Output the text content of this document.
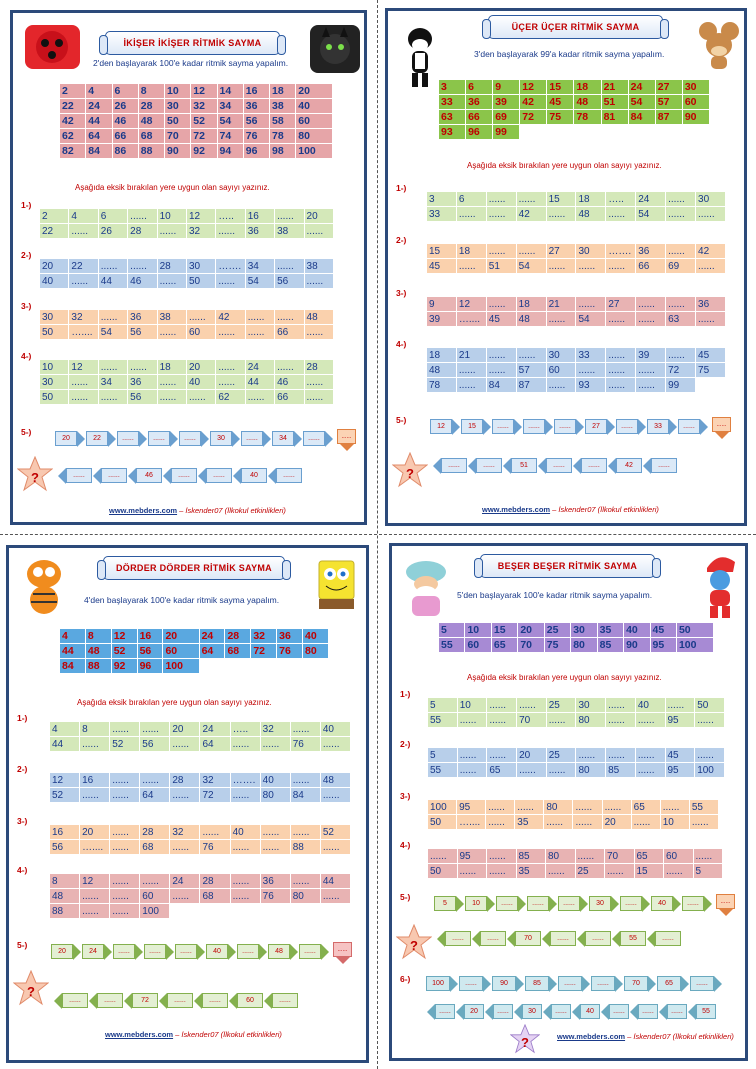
İKİŞER İKİŞER RİTMİK SAYMA
2'den başlayarak 100'e kadar ritmik sayma yapalım.
2	4	6	8	10	12	14	16	18	20
22	24	26	28	30	32	34	36	38	40
42	44	46	48	50	52	54	56	58	60
62	64	66	68	70	72	74	76	78	80
82	84	86	88	90	92	94	96	98	100
Aşağıda eksik bırakılan yere uygun olan sayıyı yazınız.
1-)
2	4	6	......	10	12	…..	16	......	20
22	......	26	28	......	32	......	36	38	......
2-)
20	22	......	......	28	30	…….	34	......	38
40	......	44	46	......	50	......	54	56	......
3-)
30	32	......	36	38	......	42	......	......	48
50	…....	54	56	......	60	......	......	66	......
4-)
10	12	......	......	18	20	......	24	......	28
30	......	34	36	......	40	......	44	46	......
50	......	......	56	......	......	62	......	66	......
5-)
20	22	......	......	......	30	......	34	......	......
......	......	46	......	......	40	......
?
www.mebders.com – İskender07 (İlkokul etkinlikleri)
ÜÇER ÜÇER RİTMİK SAYMA
3'den başlayarak 99'a kadar ritmik sayma yapalım.
3	6	9	12	15	18	21	24	27	30
33	36	39	42	45	48	51	54	57	60
63	66	69	72	75	78	81	84	87	90
93	96	99							
Aşağıda eksik bırakılan yere uygun olan sayıyı yazınız.
1-)
3	6	......	......	15	18	…..	24	......	30
33	......	......	42	......	48	......	54	......	......
2-)
15	18	......	......	27	30	…….	36	......	42
45	......	51	54	......	......	......	66	69	......
3-)
9	12	......	18	21	......	27	......	......	36
39	…....	45	48	......	54	......	......	63	......
4-)
18	21	......	......	30	33	......	39	......	45
48	......	......	57	60	......	......	......	72	75
78	......	84	87	......	93	......	......	99	
5-)
12	15	......	......	......	27	......	33	......	......
......	......	51	......	......	42	......
?
www.mebders.com – İskender07 (İlkokul etkinlikleri)
DÖRDER DÖRDER RİTMİK SAYMA
4'den başlayarak 100'e kadar ritmik sayma yapalım.
4	8	12	16	20	24	28	32	36	40
44	48	52	56	60	64	68	72	76	80
84	88	92	96	100					
Aşağıda eksik bırakılan yere uygun olan sayıyı yazınız.
1-)
4	8	......	......	20	24	…..	32	......	40
44	......	52	56	......	64	......	......	76	......
2-)
12	16	......	......	28	32	…….	40	......	48
52	......	......	64	......	72	......	80	84	......
3-)
16	20	......	28	32	......	40	......	......	52
56	…....	......	68	......	76	......	......	88	......
4-)
8	12	......	......	24	28	......	36	......	44
48	......	......	60	......	68	......	76	80	......
88	......	......	100						
5-)
20	24	......	......	......	40	......	48	......	......
......	......	72	......	......	60	......
?
www.mebders.com – İskender07 (İlkokul etkinlikleri)
BEŞER BEŞER RİTMİK SAYMA
5'den başlayarak 100'e kadar ritmik sayma yapalım.
5	10	15	20	25	30	35	40	45	50
55	60	65	70	75	80	85	90	95	100
Aşağıda eksik bırakılan yere uygun olan sayıyı yazınız.
1-)
5	10	......	......	25	30	......	40	......	50
55	......	......	70	......	80	......	......	95	......
2-)
5	......	......	20	25	......	......	......	45	......
55	......	65	......	......	80	85	......	95	100
3-)
100	95	......	......	80	......	......	65	......	55
50	…....	......	35	......	......	20	......	10	......
4-)
......	95	......	85	80	......	70	65	60	......
50	......	......	35	......	25	......	15	......	5
5-)
5	10	......	......	......	30	......	40	......	......
......	......	70	......	......	55	......
?
6-)	100	......	90	85	......	......	70	65	......
......	20	......	30	......	40	......	......	......	55
?	www.mebders.com – İskender07 (İlkokul etkinlikleri)
